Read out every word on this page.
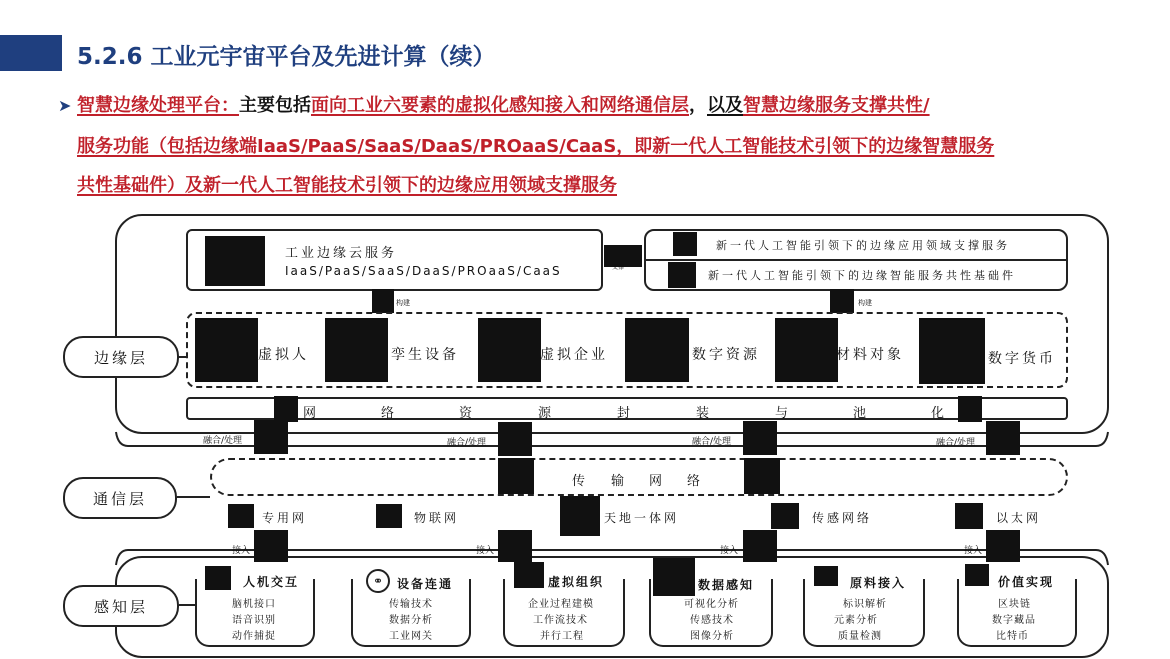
5.2.6 工业元宇宙平台及先进计算（续）
➤ 智慧边缘处理平台：主要包括面向工业六要素的虚拟化感知接入和网络通信层，以及智慧边缘服务支撑共性/
服务功能（包括边缘端IaaS/PaaS/SaaS/DaaS/PROaaS/CaaS，即新一代人工智能技术引领下的边缘智慧服务
共性基础件）及新一代人工智能技术引领下的边缘应用领域支撑服务
边缘层
通信层
感知层
工业边缘云服务
IaaS/PaaS/SaaS/DaaS/PROaaS/CaaS	支撑
新一代人工智能引领下的边缘应用领域支撑服务
新一代人工智能引领下的边缘智能服务共性基础件
构建	构建
虚拟人	孪生设备	虚拟企业	数字资源	材料对象	数字货币
网	络	资	源	封	装	与	池	化
融合/处理	融合/处理	融合/处理	融合/处理
传 输 网 络
专用网	物联网	天地一体网	传感网络	以太网
接入	接入	接入	接入
人机交互
脑机接口
语音识别
动作捕捉
⚭	设备连通
传输技术
数据分析
工业网关
虚拟组织
企业过程建模
工作流技术
并行工程
数据感知
可视化分析
传感技术
图像分析
原料接入
标识解析
元素分析
质量检测
价值实现
区块链
数字藏品
比特币
